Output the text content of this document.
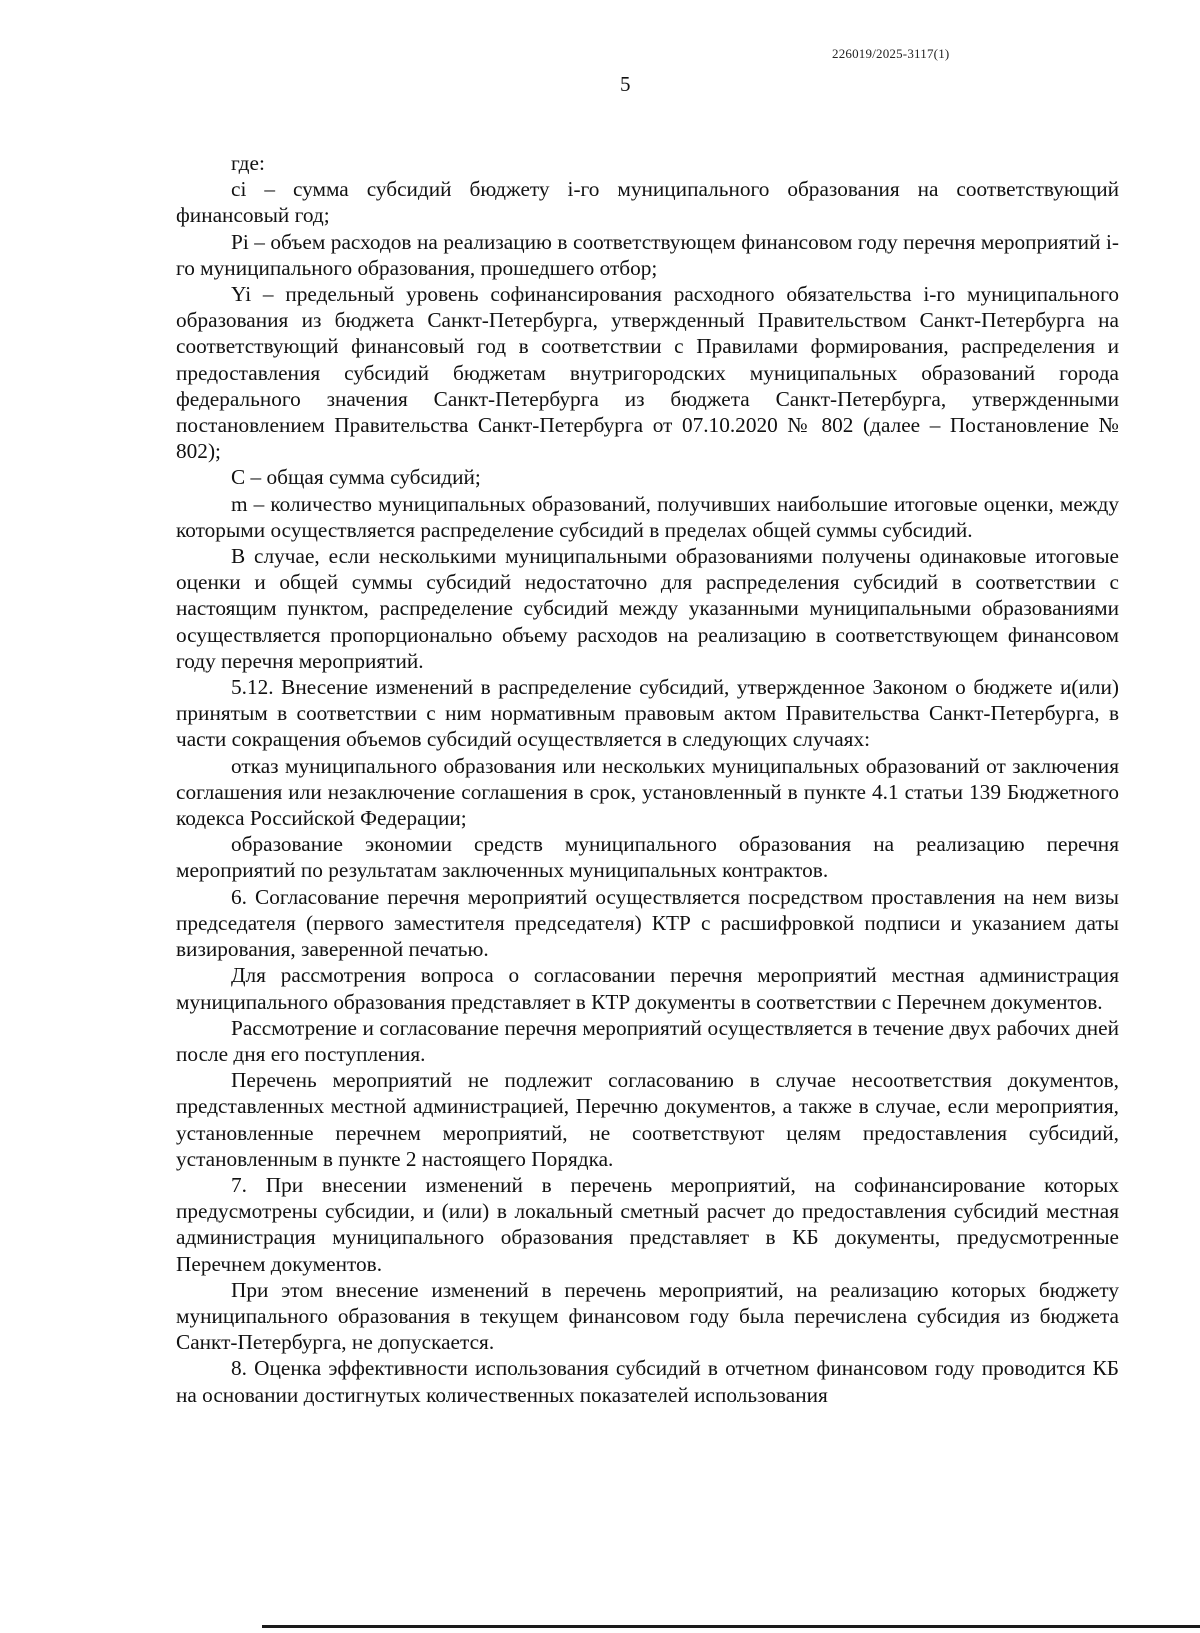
226019/2025-3117(1)
5

где:

ci – сумма субсидий бюджету i-го муниципального образования на соответствующий финансовый год;

Pi – объем расходов на реализацию в соответствующем финансовом году перечня мероприятий i-го муниципального образования, прошедшего отбор;

Yi – предельный уровень софинансирования расходного обязательства i-го муниципального образования из бюджета Санкт-Петербурга, утвержденный Правительством Санкт-Петербурга на соответствующий финансовый год в соответствии с Правилами формирования, распределения и предоставления субсидий бюджетам внутригородских муниципальных образований города федерального значения Санкт-Петербурга из бюджета Санкт-Петербурга, утвержденными постановлением Правительства Санкт-Петербурга от 07.10.2020 № 802 (далее – Постановление № 802);

С – общая сумма субсидий;

m – количество муниципальных образований, получивших наибольшие итоговые оценки, между которыми осуществляется распределение субсидий в пределах общей суммы субсидий.

В случае, если несколькими муниципальными образованиями получены одинаковые итоговые оценки и общей суммы субсидий недостаточно для распределения субсидий в соответствии с настоящим пунктом, распределение субсидий между указанными муниципальными образованиями осуществляется пропорционально объему расходов на реализацию в соответствующем финансовом году перечня мероприятий.

5.12. Внесение изменений в распределение субсидий, утвержденное Законом о бюджете и(или) принятым в соответствии с ним нормативным правовым актом Правительства Санкт-Петербурга, в части сокращения объемов субсидий осуществляется в следующих случаях:

отказ муниципального образования или нескольких муниципальных образований от заключения соглашения или незаключение соглашения в срок, установленный в пункте 4.1 статьи 139 Бюджетного кодекса Российской Федерации;

образование экономии средств муниципального образования на реализацию перечня мероприятий по результатам заключенных муниципальных контрактов.

6. Согласование перечня мероприятий осуществляется посредством проставления на нем визы председателя (первого заместителя председателя) КТР с расшифровкой подписи и указанием даты визирования, заверенной печатью.

Для рассмотрения вопроса о согласовании перечня мероприятий местная администрация муниципального образования представляет в КТР документы в соответствии с Перечнем документов.

Рассмотрение и согласование перечня мероприятий осуществляется в течение двух рабочих дней после дня его поступления.

Перечень мероприятий не подлежит согласованию в случае несоответствия документов, представленных местной администрацией, Перечню документов, а также в случае, если мероприятия, установленные перечнем мероприятий, не соответствуют целям предоставления субсидий, установленным в пункте 2 настоящего Порядка.

7. При внесении изменений в перечень мероприятий, на софинансирование которых предусмотрены субсидии, и (или) в локальный сметный расчет до предоставления субсидий местная администрация муниципального образования представляет в КБ документы, предусмотренные Перечнем документов.

При этом внесение изменений в перечень мероприятий, на реализацию которых бюджету муниципального образования в текущем финансовом году была перечислена субсидия из бюджета Санкт-Петербурга, не допускается.

8. Оценка эффективности использования субсидий в отчетном финансовом году проводится КБ на основании достигнутых количественных показателей использования
